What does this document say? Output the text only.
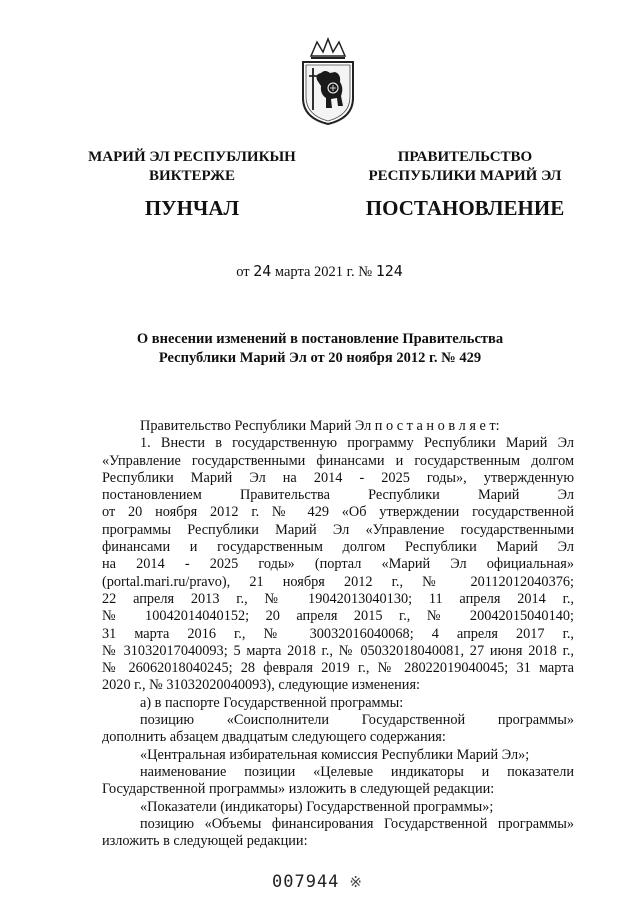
МАРИЙ ЭЛ РЕСПУБЛИКЫН
ВИКТЕРЖЕ
ПУНЧАЛ
ПРАВИТЕЛЬСТВО
РЕСПУБЛИКИ МАРИЙ ЭЛ
ПОСТАНОВЛЕНИЕ
от 24 марта 2021 г. № 124
О внесении изменений в постановление Правительства
Республики Марий Эл от 20 ноября 2012 г. № 429

Правительство Республики Марий Эл п о с т а н о в л я е т:

1. Внести в государственную программу Республики Марий Эл

«Управление государственными финансами и государственным долгом

Республики Марий Эл на 2014 - 2025 годы», утвержденную

постановлением Правительства Республики Марий Эл

от 20 ноября 2012 г. № 429 «Об утверждении государственной

программы Республики Марий Эл «Управление государственными

финансами и государственным долгом Республики Марий Эл

на 2014 - 2025 годы» (портал «Марий Эл официальная»

(portal.mari.ru/pravo), 21 ноября 2012 г., № 20112012040376;

22 апреля 2013 г., № 19042013040130; 11 апреля 2014 г.,

№ 10042014040152; 20 апреля 2015 г., № 20042015040140;

31 марта 2016 г., № 30032016040068; 4 апреля 2017 г.,

№ 31032017040093; 5 марта 2018 г., № 05032018040081, 27 июня 2018 г.,

№ 26062018040245; 28 февраля 2019 г., № 28022019040045; 31 марта

2020 г., № 31032020040093), следующие изменения:

а) в паспорте Государственной программы:

позицию «Соисполнители Государственной программы»

дополнить абзацем двадцатым следующего содержания:

«Центральная избирательная комиссия Республики Марий Эл»;

наименование позиции «Целевые индикаторы и показатели

Государственной программы» изложить в следующей редакции:

«Показатели (индикаторы) Государственной программы»;

позицию «Объемы финансирования Государственной программы»

изложить в следующей редакции:

007944 ※
